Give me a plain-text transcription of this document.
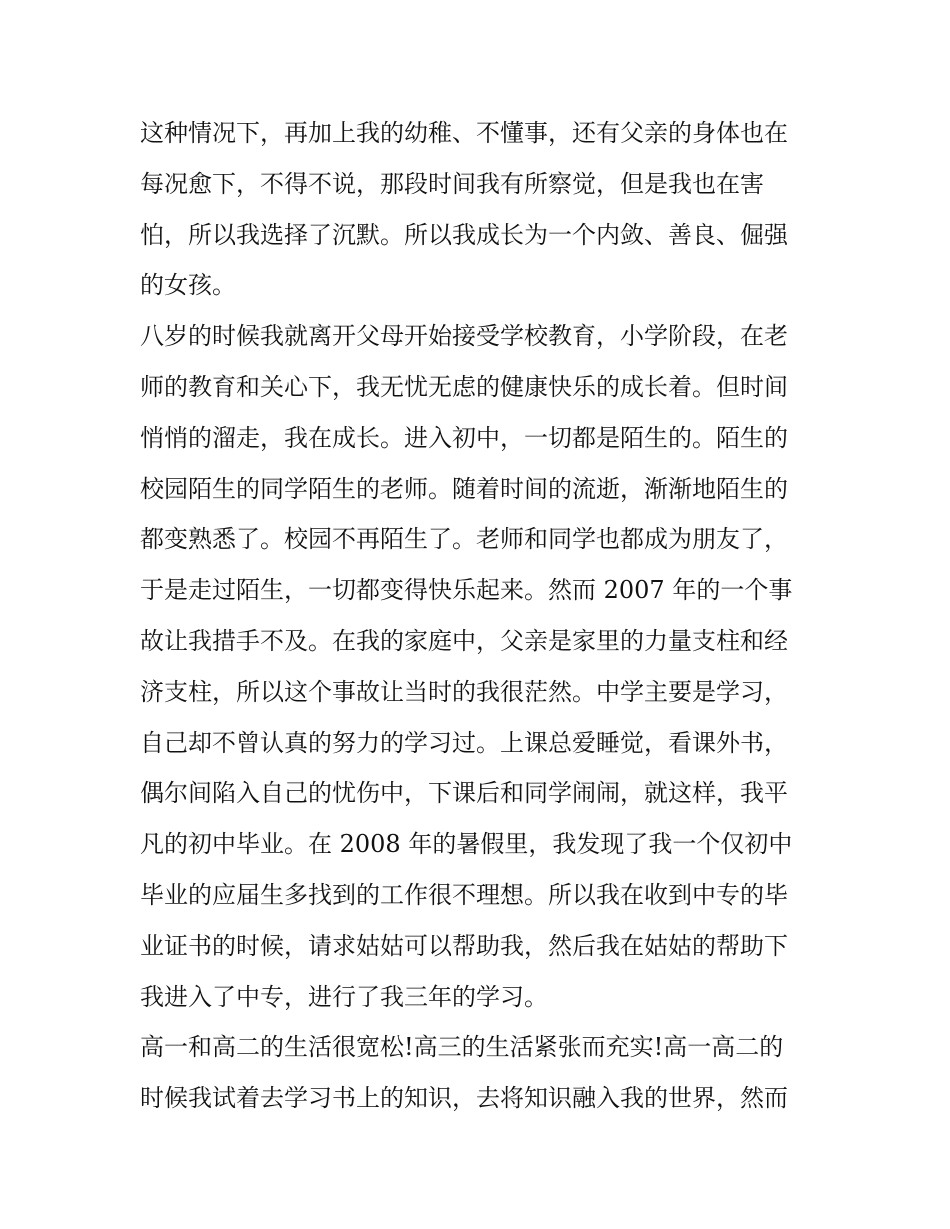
这种情况下，再加上我的幼稚、不懂事，还有父亲的身体也在
每况愈下，不得不说，那段时间我有所察觉，但是我也在害
怕，所以我选择了沉默。所以我成长为一个内敛、善良、倔强
的女孩。
八岁的时候我就离开父母开始接受学校教育，小学阶段，在老
师的教育和关心下，我无忧无虑的健康快乐的成长着。但时间
悄悄的溜走，我在成长。进入初中，一切都是陌生的。陌生的
校园陌生的同学陌生的老师。随着时间的流逝，渐渐地陌生的
都变熟悉了。校园不再陌生了。老师和同学也都成为朋友了，
于是走过陌生，一切都变得快乐起来。然而 2007 年的一个事
故让我措手不及。在我的家庭中，父亲是家里的力量支柱和经
济支柱，所以这个事故让当时的我很茫然。中学主要是学习，
自己却不曾认真的努力的学习过。上课总爱睡觉，看课外书，
偶尔间陷入自己的忧伤中，下课后和同学闹闹，就这样，我平
凡的初中毕业。在 2008 年的暑假里，我发现了我一个仅初中
毕业的应届生多找到的工作很不理想。所以我在收到中专的毕
业证书的时候，请求姑姑可以帮助我，然后我在姑姑的帮助下
我进入了中专，进行了我三年的学习。
高一和高二的生活很宽松!高三的生活紧张而充实!高一高二的
时候我试着去学习书上的知识，去将知识融入我的世界，然而
